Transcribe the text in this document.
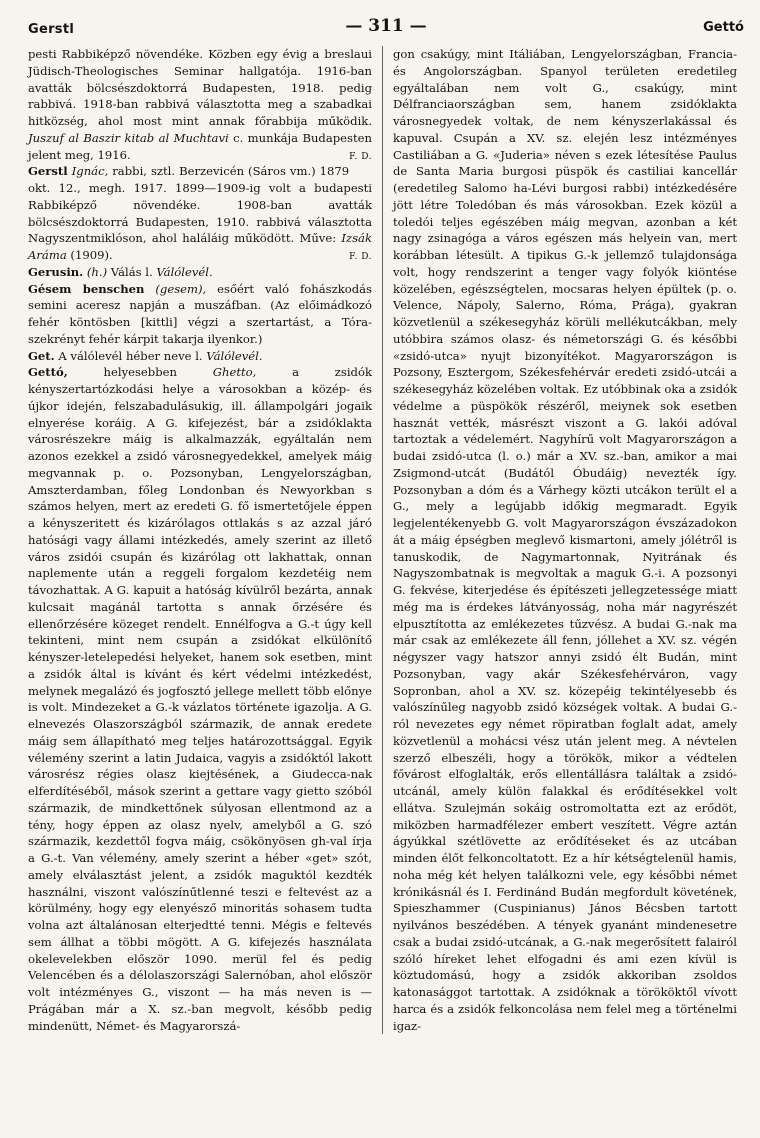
Gerstl	— 311 —	Gettó

pesti Rabbiképző növendéke. Közben egy évig a breslaui Jüdisch-Theologisches Seminar hallgatója. 1916-ban avatták bölcsészdoktorrá Budapesten, 1918. pedig rabbivá. 1918-ban rabbivá választotta meg a szabadkai hitközség, ahol most mint annak főrabbija működik. Juszuf al Baszir kitab al Muchtavi c. munkája Budapesten jelent meg, 1916.	F. D.

Gerstl Ignác, rabbi, sztl. Berzevicén (Sáros vm.) 1879 okt. 12., megh. 1917. 1899—1909-ig volt a budapesti Rabbiképző növendéke. 1908-ban avatták bölcsészdoktorrá Budapesten, 1910. rabbivá választotta Nagyszentmiklóson, ahol haláláig működött. Műve: Izsák Aráma (1909).	F. D.

Gerusin. (h.) Válás l. Válólevél.

Gésem benschen (gesem), esőért való fohászkodás semini aceresz napján a muszáfban. (Az előimádkozó fehér köntösben [kittli] végzi a szertartást, a Tóra-szekrényt fehér kárpit takarja ilyenkor.)

Get. A válólevél héber neve l. Válólevél.

Gettó, helyesebben Ghetto, a zsidók kényszertartózkodási helye a városokban a közép- és újkor idején, felszabadulásukig, ill. állampolgári jogaik elnyerése koráig. A G. kifejezést, bár a zsidóklakta városrészekre máig is alkalmazzák, egyáltalán nem azonos ezekkel a zsidó városnegyedekkel, amelyek máig megvannak p. o. Pozsonyban, Lengyelországban, Amszterdamban, főleg Londonban és Newyorkban s számos helyen, mert az eredeti G. fő ismertetőjele éppen a kényszeritett és kizárólagos ottlakás s az azzal járó hatósági vagy állami intézkedés, amely szerint az illető város zsidói csupán és kizárólag ott lakhattak, onnan naplemente után a reggeli forgalom kezdetéig nem távozhattak. A G. kapuit a hatóság kívülről bezárta, annak kulcsait magánál tartotta s annak őrzésére és ellenőrzésére közeget rendelt. Ennélfogva a G.-t úgy kell tekinteni, mint nem csupán a zsidókat elkülönítő kényszer-letelepedési helyeket, hanem sok esetben, mint a zsidók által is kívánt és kért védelmi intézkedést, melynek megalázó és jogfosztó jellege mellett több előnye is volt. Mindezeket a G.-k vázlatos története igazolja. A G. elnevezés Olaszországból származik, de annak eredete máig sem állapítható meg teljes határozottsággal. Egyik vélemény szerint a latin Judaica, vagyis a zsidóktól lakott városrész régies olasz kiejtésének, a Giudecca-nak elferdítéséből, mások szerint a gettare vagy gietto szóból származik, de mindkettőnek súlyosan ellentmond az a tény, hogy éppen az olasz nyelv, amelyből a G. szó származik, kezdettől fogva máig, csökönyösen gh-val írja a G.-t. Van vélemény, amely szerint a héber «get» szót, amely elválasztást jelent, a zsidók maguktól kezdték használni, viszont valószínűtlenné teszi e feltevést az a körülmény, hogy egy elenyésző minoritás sohasem tudta volna azt általánosan elterjedtté tenni. Mégis e feltevés sem állhat a többi mögött. A G. kifejezés használata okelevelekben először 1090. merül fel és pedig Velencében és a délolaszországi Salernóban, ahol először volt intézményes G., viszont — ha más neven is — Prágában már a X. sz.-ban megvolt, később pedig mindenütt, Német- és Magyarorszá-

gon csakúgy, mint Itáliában, Lengyelországban, Francia- és Angolországban. Spanyol területen eredetileg egyáltalában nem volt G., csakúgy, mint Délfranciaországban sem, hanem zsidóklakta városnegyedek voltak, de nem kényszerlakással és kapuval. Csupán a XV. sz. elején lesz intézményes Castiliában a G. «Juderia» néven s ezek létesítése Paulus de Santa Maria burgosi püspök és castiliai kancellár (eredetileg Salomo ha-Lévi burgosi rabbi) intézkedésére jött létre Toledóban és más városokban. Ezek közül a toledói teljes egészében máig megvan, azonban a két nagy zsinagóga a város egészen más helyein van, mert korábban létesült. A tipikus G.-k jellemző tulajdonsága volt, hogy rendszerint a tenger vagy folyók kiöntése közelében, egészségtelen, mocsaras helyen épültek (p. o. Velence, Nápoly, Salerno, Róma, Prága), gyakran közvetlenül a székesegyház körüli mellékutcákban, mely utóbbira számos olasz- és németországi G. és későbbi «zsidó-utca» nyujt bizonyítékot. Magyarországon is Pozsony, Esztergom, Székesfehérvár eredeti zsidó-utcái a székesegyház közelében voltak. Ez utóbbinak oka a zsidók védelme a püspökök részéről, meiynek sok esetben hasznát vették, másrészt viszont a G. lakói adóval tartoztak a védelemért. Nagyhírű volt Magyarországon a budai zsidó-utca (l. o.) már a XV. sz.-ban, amikor a mai Zsigmond-utcát (Budától Óbudáig) nevezték így. Pozsonyban a dóm és a Várhegy közti utcákon terült el a G., mely a legújabb időkig megmaradt. Egyik legjelentékenyebb G. volt Magyarországon évszázadokon át a máig épségben meglevő kismartoni, amely jólétről is tanuskodik, de Nagymartonnak, Nyitrának és Nagyszombatnak is megvoltak a maguk G.-i. A pozsonyi G. fekvése, kiterjedése és építészeti jellegzetessége miatt még ma is érdekes látványosság, noha már nagyrészét elpusztította az emlékezetes tűzvész. A budai G.-nak ma már csak az emlékezete áll fenn, jóllehet a XV. sz. végén négyszer vagy hatszor annyi zsidó élt Budán, mint Pozsonyban, vagy akár Székesfehérváron, vagy Sopronban, ahol a XV. sz. közepéig tekintélyesebb és valószínűleg nagyobb zsidó községek voltak. A budai G.-ról nevezetes egy német röpiratban foglalt adat, amely közvetlenül a mohácsi vész után jelent meg. A névtelen szerző elbeszéli, hogy a törökök, mikor a védtelen fővárost elfoglalták, erős ellentállásra találtak a zsidó-utcánál, amely külön falakkal és erődítésekkel volt ellátva. Szulejmán sokáig ostromoltatta ezt az erődöt, miközben harmadfélezer embert veszített. Végre aztán ágyúkkal szétlövette az erődítéseket és az utcában minden élőt felkoncoltatott. Ez a hír kétségtelenül hamis, noha még két helyen találkozni vele, egy későbbi német krónikásnál és I. Ferdinánd Budán megfordult követének, Spieszhammer (Cuspinianus) János Bécsben tartott nyilvános beszédében. A tények gyanánt mindenesetre csak a budai zsidó-utcának, a G.-nak megerősített falairól szóló híreket lehet elfogadni és ami ezen kívül is köztudomású, hogy a zsidók akkoriban zsoldos katonasággot tartottak. A zsidóknak a törököktől vívott harca és a zsidók felkoncolása nem felel meg a történelmi igaz-
